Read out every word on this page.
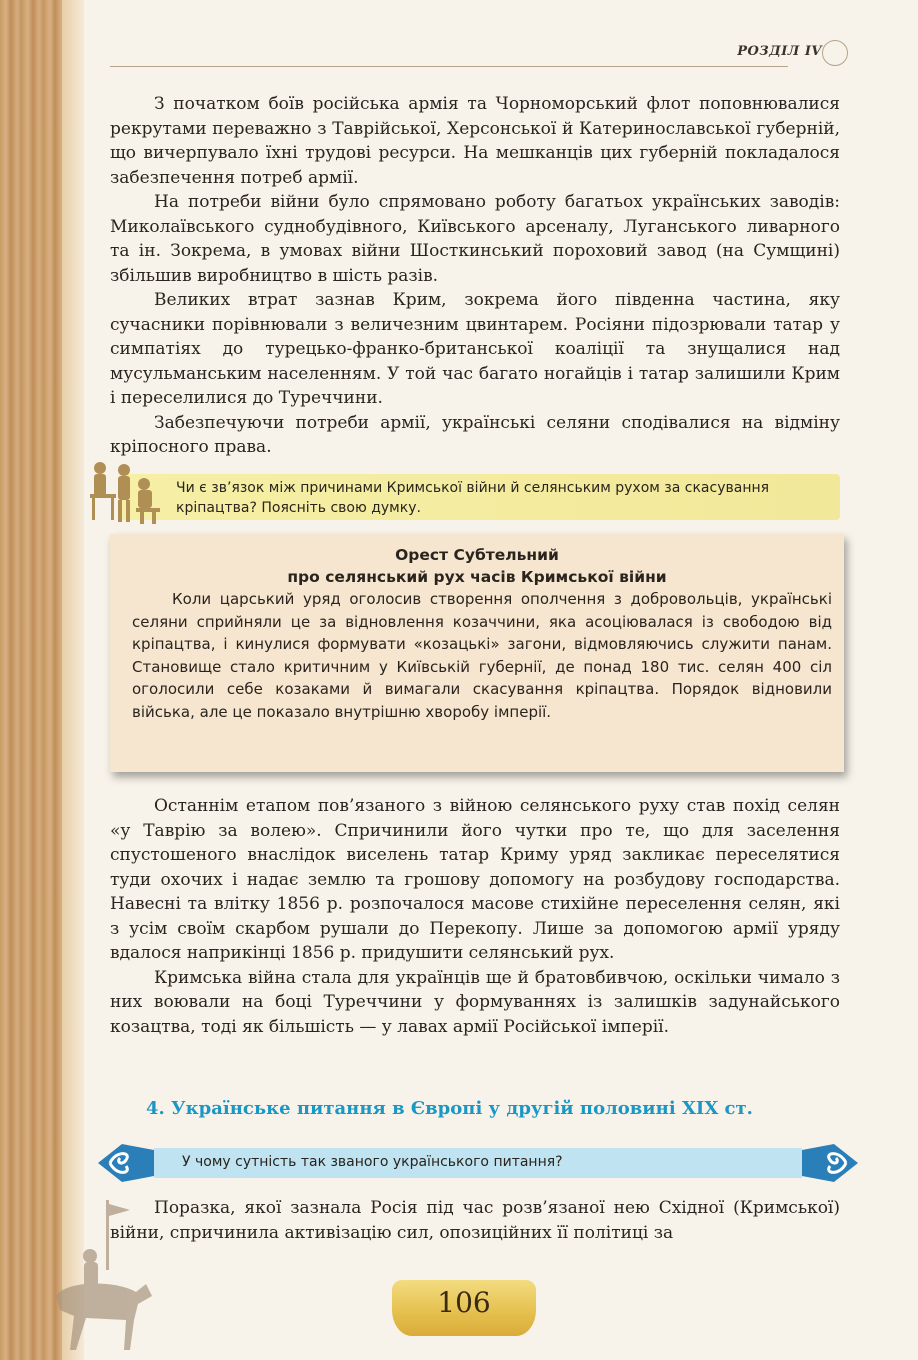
РОЗДІЛ IV

З початком боїв російська армія та Чорноморський флот поповнювалися рекрутами переважно з Таврійської, Херсонської й Катеринославської губерній, що вичерпувало їхні трудові ресурси. На мешканців цих губерній покладалося забезпечення потреб армії.

На потреби війни було спрямовано роботу багатьох українських заводів: Миколаївського суднобудівного, Київського арсеналу, Луганського ливарного та ін. Зокрема, в умовах війни Шосткинський пороховий завод (на Сумщині) збільшив виробництво в шість разів.

Великих втрат зазнав Крим, зокрема його південна частина, яку сучасники порівнювали з величезним цвинтарем. Росіяни підозрювали татар у симпатіях до турецько-франко-британської коаліції та знущалися над мусульманським населенням. У той час багато ногайців і татар залишили Крим і переселилися до Туреччини.

Забезпечуючи потреби армії, українські селяни сподівалися на відміну кріпосного права.

Чи є зв’язок між причинами Кримської війни й селянським рухом за скасування кріпацтва? Поясніть свою думку.
Орест Субтельний
про селянський рух часів Кримської війни
Коли царський уряд оголосив створення ополчення з добровольців, українські селяни сприйняли це за відновлення козаччини, яка асоціювалася із свободою від кріпацтва, і кинулися формувати «козацькі» загони, відмовляючись служити панам. Становище стало критичним у Київській губернії, де понад 180 тис. селян 400 сіл оголосили себе козаками й вимагали скасування кріпацтва. Порядок відновили війська, але це показало внутрішню хворобу імперії.

Останнім етапом пов’язаного з війною селянського руху став похід селян «у Таврію за волею». Спричинили його чутки про те, що для заселення спустошеного внаслідок виселень татар Криму уряд закликає переселятися туди охочих і надає землю та грошову допомогу на розбудову господарства. Навесні та влітку 1856 р. розпочалося масове стихійне переселення селян, які з усім своїм скарбом рушали до Перекопу. Лише за допомогою армії уряду вдалося наприкінці 1856 р. придушити селянський рух.

Кримська війна стала для українців ще й братовбивчою, оскільки чимало з них воювали на боці Туреччини у формуваннях із залишків задунайського козацтва, тоді як більшість — у лавах армії Російської імперії.

4. Українське питання в Європі у другій половині XIX ст.
У чому сутність так званого українського питання?

Поразка, якої зазнала Росія під час розв’язаної нею Східної (Кримської) війни, спричинила активізацію сил, опозиційних її політиці за

106
